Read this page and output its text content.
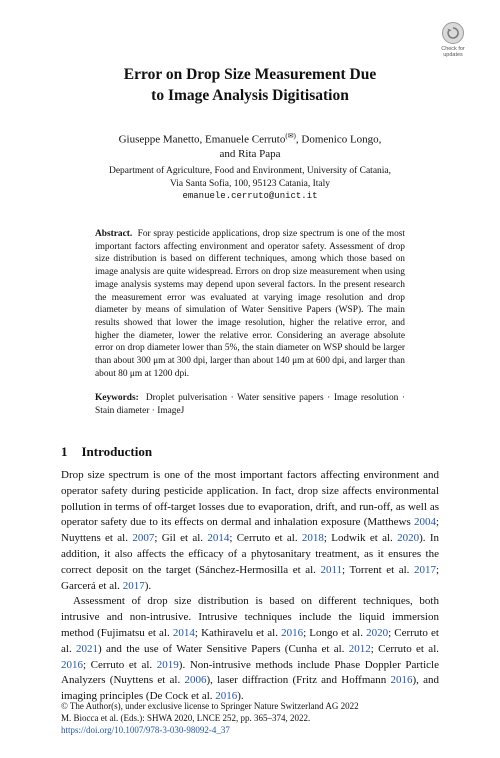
Check for
updates
Error on Drop Size Measurement Due
to Image Analysis Digitisation
Giuseppe Manetto, Emanuele Cerruto(✉), Domenico Longo,
and Rita Papa
Department of Agriculture, Food and Environment, University of Catania,
Via Santa Sofia, 100, 95123 Catania, Italy
emanuele.cerruto@unict.it

Abstract. For spray pesticide applications, drop size spectrum is one of the most important factors affecting environment and operator safety. Assessment of drop size distribution is based on different techniques, among which those based on image analysis are quite widespread. Errors on drop size measurement when using image analysis systems may depend upon several factors. In the present research the measurement error was evaluated at varying image resolution and drop diameter by means of simulation of Water Sensitive Papers (WSP). The main results showed that lower the image resolution, higher the relative error, and higher the diameter, lower the relative error. Considering an average absolute error on drop diameter lower than 5%, the stain diameter on WSP should be larger than about 300 μm at 300 dpi, larger than about 140 μm at 600 dpi, and larger than about 80 μm at 1200 dpi.

Keywords: Droplet pulverisation · Water sensitive papers · Image resolution · Stain diameter · ImageJ

1 Introduction

Drop size spectrum is one of the most important factors affecting environment and operator safety during pesticide application. In fact, drop size affects environmental pollution in terms of off-target losses due to evaporation, drift, and run-off, as well as operator safety due to its effects on dermal and inhalation exposure (Matthews 2004; Nuyttens et al. 2007; Gil et al. 2014; Cerruto et al. 2018; Lodwik et al. 2020). In addition, it also affects the efficacy of a phytosanitary treatment, as it ensures the correct deposit on the target (Sánchez-Hermosilla et al. 2011; Torrent et al. 2017; Garcerá et al. 2017).

Assessment of drop size distribution is based on different techniques, both intrusive and non-intrusive. Intrusive techniques include the liquid immersion method (Fujimatsu et al. 2014; Kathiravelu et al. 2016; Longo et al. 2020; Cerruto et al. 2021) and the use of Water Sensitive Papers (Cunha et al. 2012; Cerruto et al. 2016; Cerruto et al. 2019). Non-intrusive methods include Phase Doppler Particle Analyzers (Nuyttens et al. 2006), laser diffraction (Fritz and Hoffmann 2016), and imaging principles (De Cock et al. 2016).

© The Author(s), under exclusive license to Springer Nature Switzerland AG 2022
M. Biocca et al. (Eds.): SHWA 2020, LNCE 252, pp. 365–374, 2022.
https://doi.org/10.1007/978-3-030-98092-4_37
